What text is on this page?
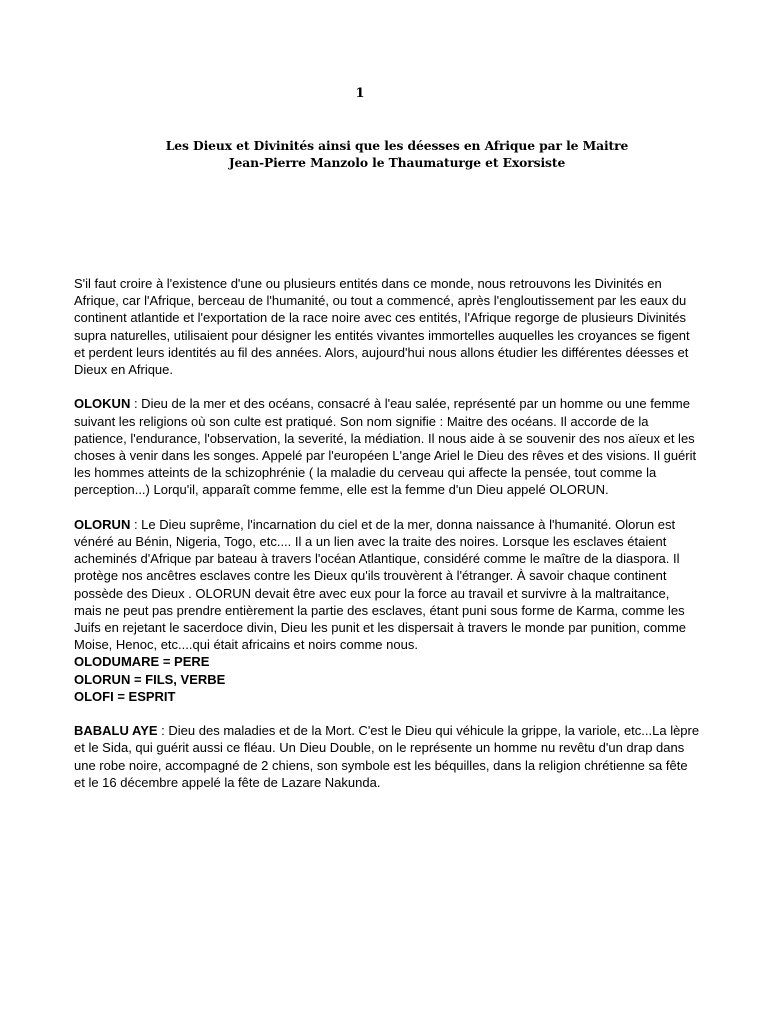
1
Les Dieux et Divinités ainsi que les déesses en Afrique par le Maitre
Jean-Pierre Manzolo le Thaumaturge et Exorsiste

S'il faut croire à l'existence d'une ou plusieurs entités dans ce monde, nous retrouvons les Divinités en Afrique, car l'Afrique, berceau de l'humanité, ou tout a commencé, après l'engloutissement par les eaux du continent atlantide et l'exportation de la race noire avec ces entités, l'Afrique regorge de plusieurs Divinités supra naturelles, utilisaient pour désigner les entités vivantes immortelles auquelles les croyances se figent et perdent leurs identités au fil des années. Alors, aujourd'hui nous allons étudier les différentes déesses et Dieux en Afrique.

OLOKUN : Dieu de la mer et des océans, consacré à l'eau salée, représenté par un homme ou une femme suivant les religions où son culte est pratiqué. Son nom signifie : Maitre des océans. Il accorde de la patience, l'endurance, l'observation, la severité, la médiation. Il nous aide à se souvenir des nos aïeux et les choses à venir dans les songes. Appelé par l'européen L'ange Ariel le Dieu des rêves et des visions. Il guérit les hommes atteints de la schizophrénie ( la maladie du cerveau qui affecte la pensée, tout comme la perception...) Lorqu'il, apparaît comme femme, elle est la femme d'un Dieu appelé OLORUN.

OLORUN : Le Dieu suprême, l'incarnation du ciel et de la mer, donna naissance à l'humanité. Olorun est vénéré au Bénin, Nigeria, Togo, etc.... Il a un lien avec la traite des noires. Lorsque les esclaves étaient acheminés d'Afrique par bateau à travers l'océan Atlantique, considéré comme le maître de la diaspora. Il protège nos ancêtres esclaves contre les Dieux qu'ils trouvèrent à l'étranger. À savoir chaque continent possède des Dieux . OLORUN devait être avec eux pour la force au travail et survivre à la maltraitance, mais ne peut pas prendre entièrement la partie des esclaves, étant puni sous forme de Karma, comme les Juifs en rejetant le sacerdoce divin, Dieu les punit et les dispersait à travers le monde par punition, comme Moise, Henoc, etc....qui était africains et noirs comme nous.

OLODUMARE = PERE
OLORUN = FILS, VERBE
OLOFI = ESPRIT

BABALU AYE : Dieu des maladies et de la Mort. C'est le Dieu qui véhicule la grippe, la variole, etc...La lèpre et le Sida, qui guérit aussi ce fléau. Un Dieu Double, on le représente un homme nu revêtu d'un drap dans une robe noire, accompagné de 2 chiens, son symbole est les béquilles, dans la religion chrétienne sa fête et le 16 décembre appelé la fête de Lazare Nakunda.
